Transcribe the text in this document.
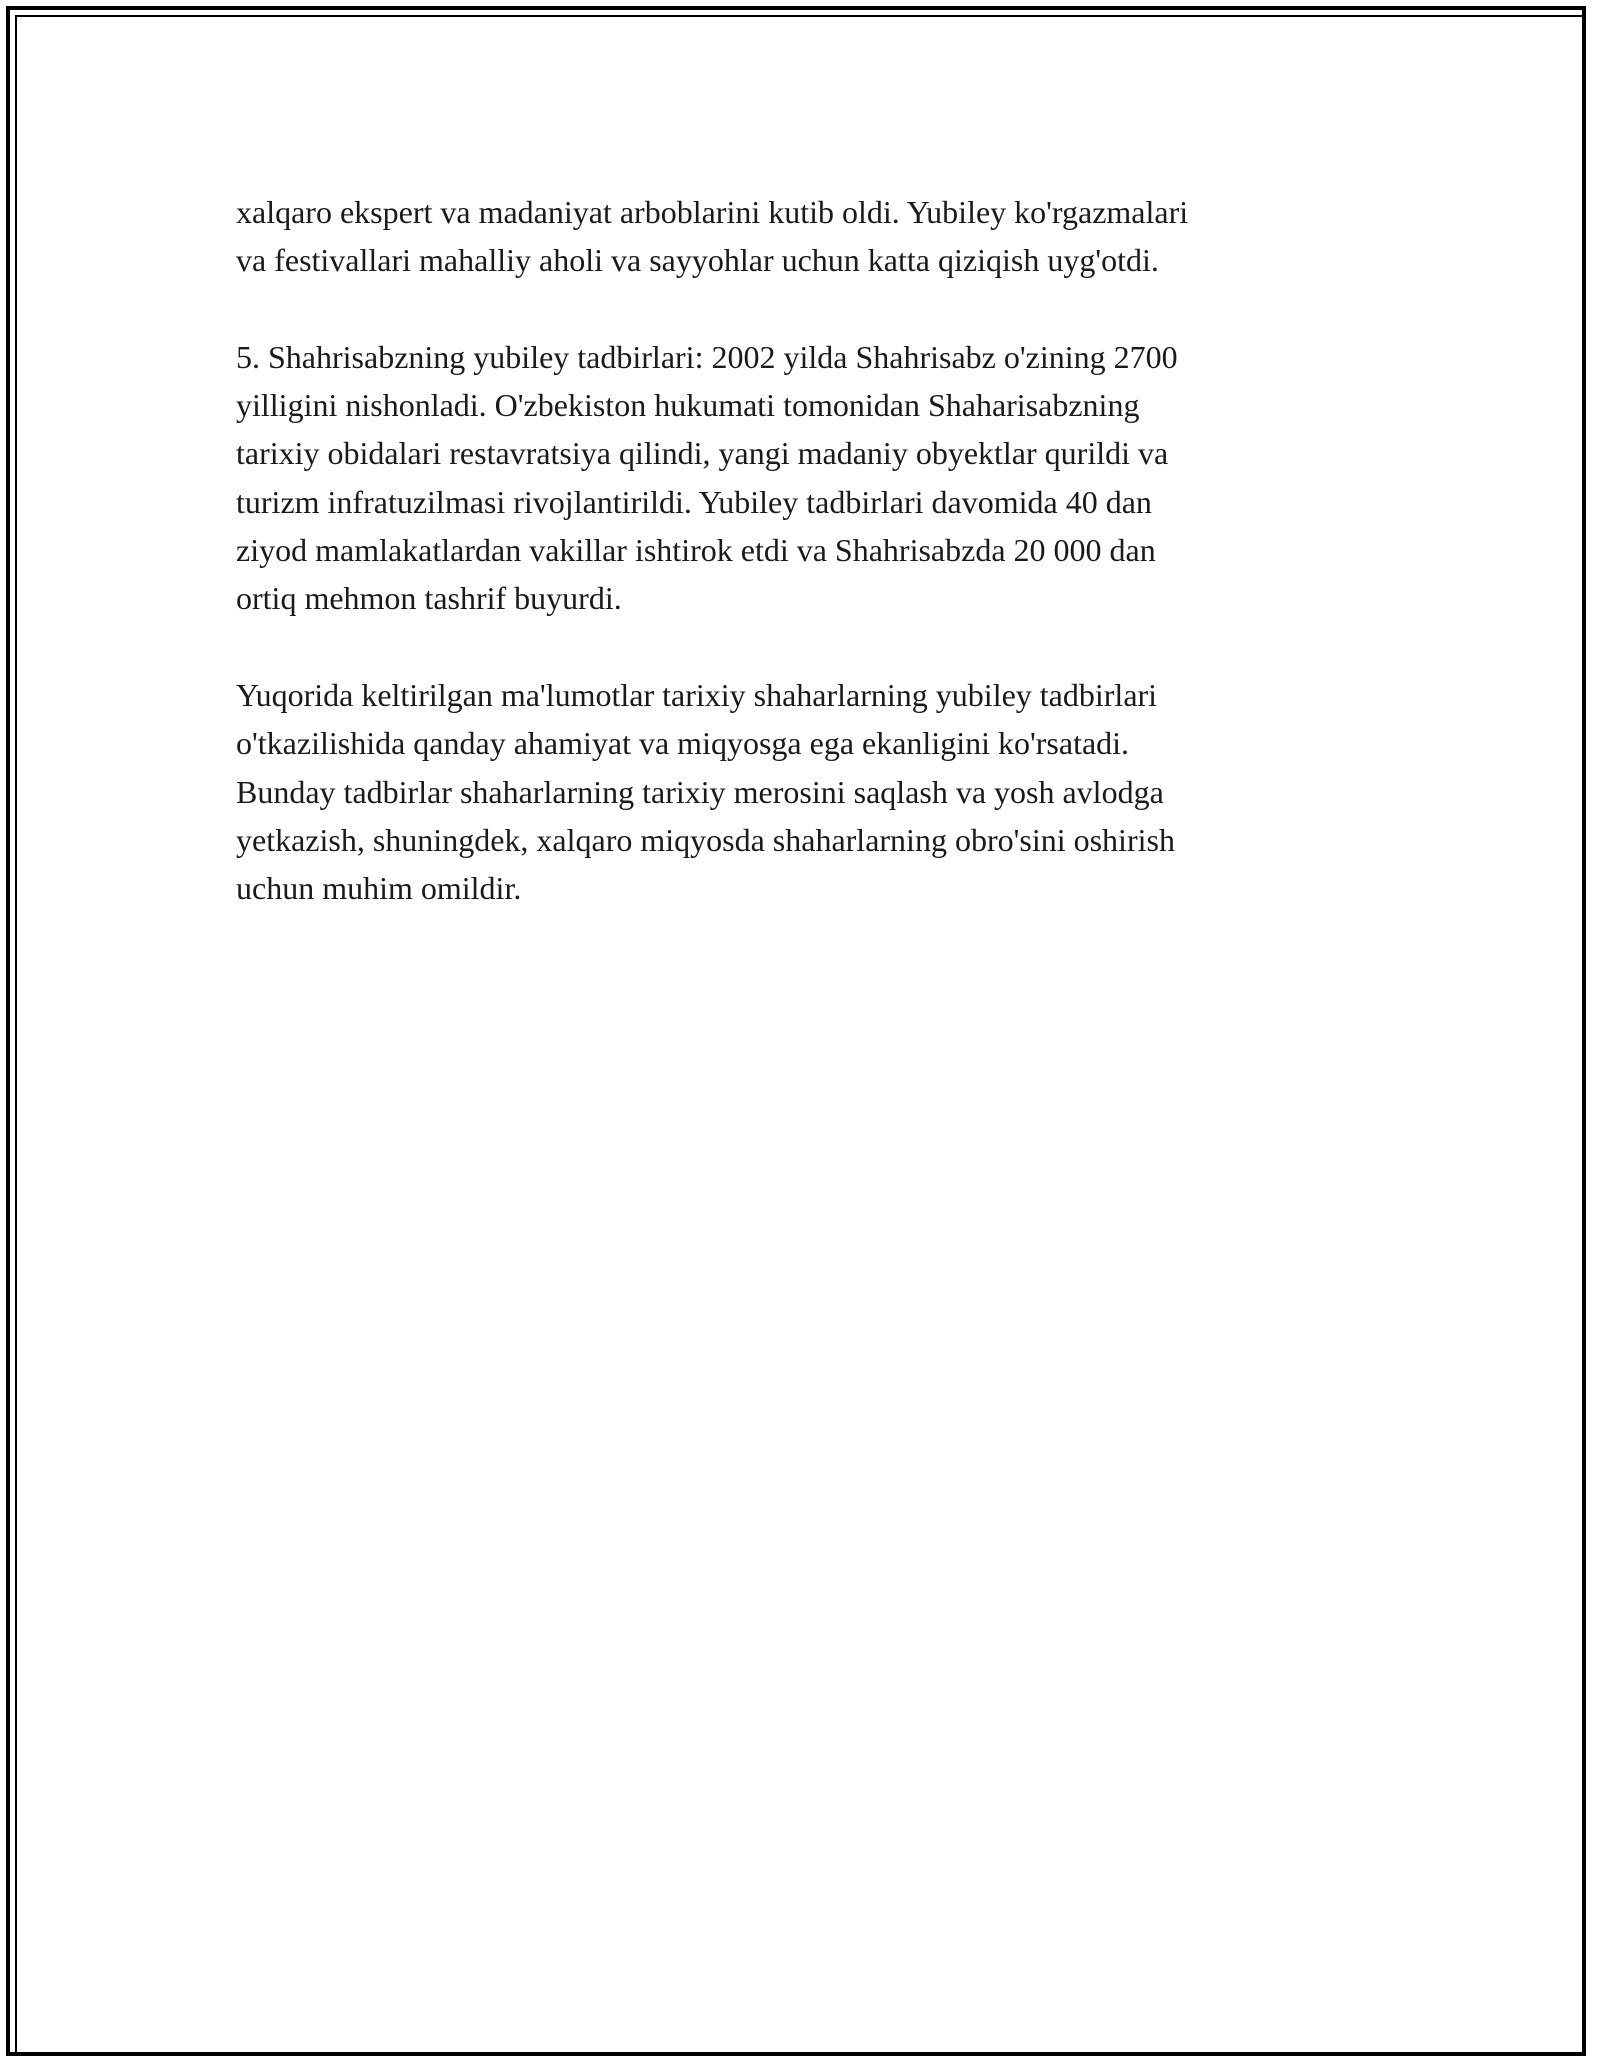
xalqaro ekspert va madaniyat arboblarini kutib oldi. Yubiley ko'rgazmalari
va festivallari mahalliy aholi va sayyohlar uchun katta qiziqish uyg'otdi.

5. Shahrisabzning yubiley tadbirlari: 2002 yilda Shahrisabz o'zining 2700
yilligini nishonladi. O'zbekiston hukumati tomonidan Shaharisabzning
tarixiy obidalari restavratsiya qilindi, yangi madaniy obyektlar qurildi va
turizm infratuzilmasi rivojlantirildi. Yubiley tadbirlari davomida 40 dan
ziyod mamlakatlardan vakillar ishtirok etdi va Shahrisabzda 20 000 dan
ortiq mehmon tashrif buyurdi.

Yuqorida keltirilgan ma'lumotlar tarixiy shaharlarning yubiley tadbirlari
o'tkazilishida qanday ahamiyat va miqyosga ega ekanligini ko'rsatadi.
Bunday tadbirlar shaharlarning tarixiy merosini saqlash va yosh avlodga
yetkazish, shuningdek, xalqaro miqyosda shaharlarning obro'sini oshirish
uchun muhim omildir.
